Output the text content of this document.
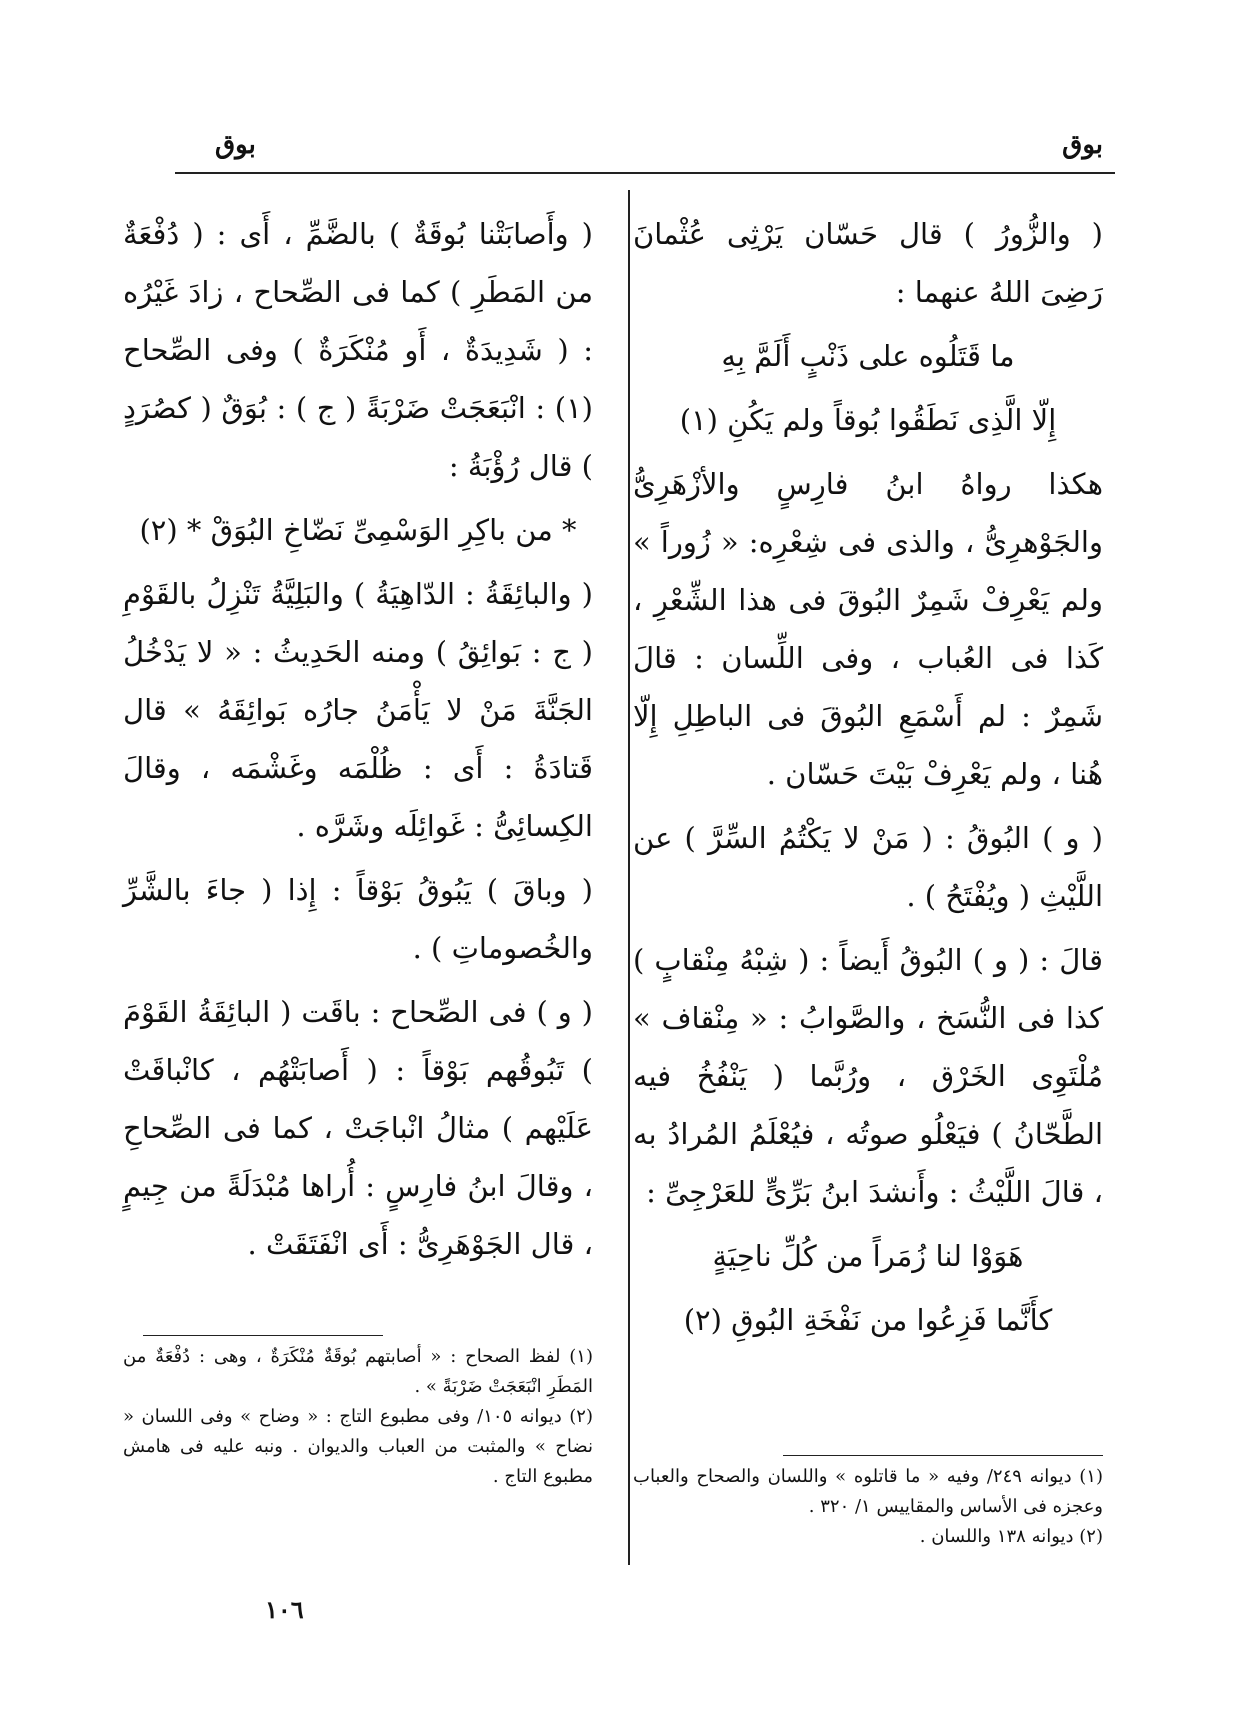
بوق
بوق

( والزُّورُ ) قال حَسّان يَرْثِى عُثْمانَ رَضِىَ اللهُ عنهما :

ما قَتَلُوه على ذَنْبٍ أَلَمَّ بِهِ

إِلّا الَّذِى نَطَقُوا بُوقاً ولم يَكُنِ (١)

هكذا رواهُ ابنُ فارِسٍ والأزْهَرِىُّ والجَوْهرِىُّ ، والذى فى شِعْرِه: « زُوراً » ولم يَعْرِفْ شَمِرٌ البُوقَ فى هذا الشِّعْرِ ، كَذا فى العُباب ، وفى اللِّسان : قالَ شَمِرٌ : لم أَسْمَعِ البُوقَ فى الباطِلِ إِلّا هُنا ، ولم يَعْرِفْ بَيْتَ حَسّان .

( و ) البُوقُ : ( مَنْ لا يَكْتُمُ السِّرَّ ) عن اللَّيْثِ ( ويُفْتَحُ ) .

قالَ : ( و ) البُوقُ أَيضاً : ( شِبْهُ مِنْقابٍ ) كذا فى النُّسَخ ، والصَّوابُ : « مِنْقاف » مُلْتَوِى الخَرْق ، ورُبَّما ( يَنْفُخُ فيه الطَّحّانُ ) فيَعْلُو صوتُه ، فيُعْلَمُ المُرادُ به ، قالَ اللَّيْثُ : وأَنشدَ ابنُ بَرِّىٍّ للعَرْجِىِّ :

هَوَوْا لنا زُمَراً من كُلِّ ناحِيَةٍ

كأَنَّما فَزِعُوا من نَفْخَةِ البُوقِ (٢)

(١) ديوانه ٢٤٩/ وفيه « ما قاتلوه » واللسان والصحاح والعباب وعجزه فى الأساس والمقاييس ١/ ٣٢٠ .
(٢) ديوانه ١٣٨ واللسان .

( وأَصابَتْنا بُوقَةٌ ) بالضَّمِّ ، أَى : ( دُفْعَةٌ من المَطَرِ ) كما فى الصِّحاح ، زادَ غَيْرُه : ( شَدِيدَةٌ ، أَو مُنْكَرَةٌ ) وفى الصِّحاح (١) : انْبَعَجَتْ ضَرْبَةً ( ج ) : بُوَقٌ ( كصُرَدٍ ) قال رُؤْبَةُ :

* من باكِرِ الوَسْمِىِّ نَضّاخِ البُوَقْ * (٢)

( والبائِقَةُ : الدّاهِيَةُ ) والبَلِيَّةُ تَنْزِلُ بالقَوْمِ ( ج : بَوائِقُ ) ومنه الحَدِيثُ : « لا يَدْخُلُ الجَنَّةَ مَنْ لا يَأْمَنُ جارُه بَوائِقَهُ » قال قَتادَةُ : أَى : ظُلْمَه وغَشْمَه ، وقالَ الكِسائِىُّ : غَوائِلَه وشَرَّه .

( وباقَ ) يَبُوقُ بَوْقاً : إِذا ( جاءَ بالشَّرِّ والخُصوماتِ ) .

( و ) فى الصِّحاح : باقَت ( البائِقَةُ القَوْمَ ) تَبُوقُهم بَوْقاً : ( أَصابَتْهُم ، كانْباقَتْ عَلَيْهم ) مثالُ انْباجَتْ ، كما فى الصِّحاحِ ، وقالَ ابنُ فارِسٍ : أُراها مُبْدَلَةً من جِيمٍ ، قال الجَوْهَرِىُّ : أَى انْفَتَقَتْ .

(١) لفظ الصحاح : « أصابتهم بُوقَةٌ مُنْكَرَةٌ ، وهى : دُفْعَةٌ من المَطَرِ انْبَعَجَتْ ضَرْبَةً » .
(٢) ديوانه ١٠٥/ وفى مطبوع التاج : « وضاح » وفى اللسان « نضاح » والمثبت من العباب والديوان . ونبه عليه فى هامش مطبوع التاج .
١٠٦
